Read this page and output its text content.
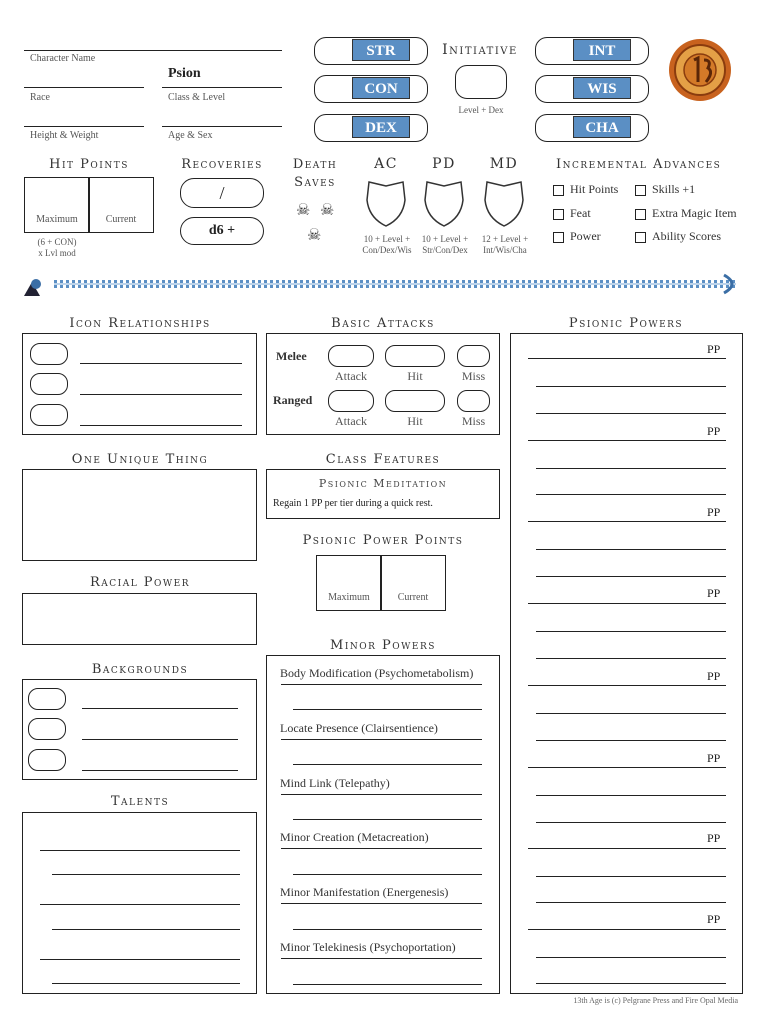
Character Name
Psion
Race	Class & Level
Height & Weight	Age & Sex
STR
CON
DEX
Initiative
Level + Dex
INT
WIS
CHA
Hit Points
Maximum	Current
(6 + CON)
x Lvl mod
Recoveries
/
d6 +
Death
Saves
☠ ☠
☠
AC	PD	MD
10 + Level +
Con/Dex/Wis
10 + Level +
Str/Con/Dex
12 + Level +
Int/Wis/Cha
Incremental Advances
Hit Points	Skills +1
Feat	Extra Magic Item
Power	Ability Scores
Icon Relationships
One Unique Thing
Racial Power
Backgrounds
Talents
Basic Attacks
Melee
Attack	Hit	Miss
Ranged
Attack	Hit	Miss
Class Features
Psionic Meditation
Regain 1 PP per tier during a quick rest.
Psionic Power Points
Maximum	Current
Minor Powers
Body Modification (Psychometabolism)
Locate Presence (Clairsentience)
Mind Link (Telepathy)
Minor Creation (Metacreation)
Minor Manifestation (Energenesis)
Minor Telekinesis (Psychoportation)
Psionic Powers
PP
PP
PP
PP
PP
PP
PP
PP
13th Age is (c) Pelgrane Press and Fire Opal Media
